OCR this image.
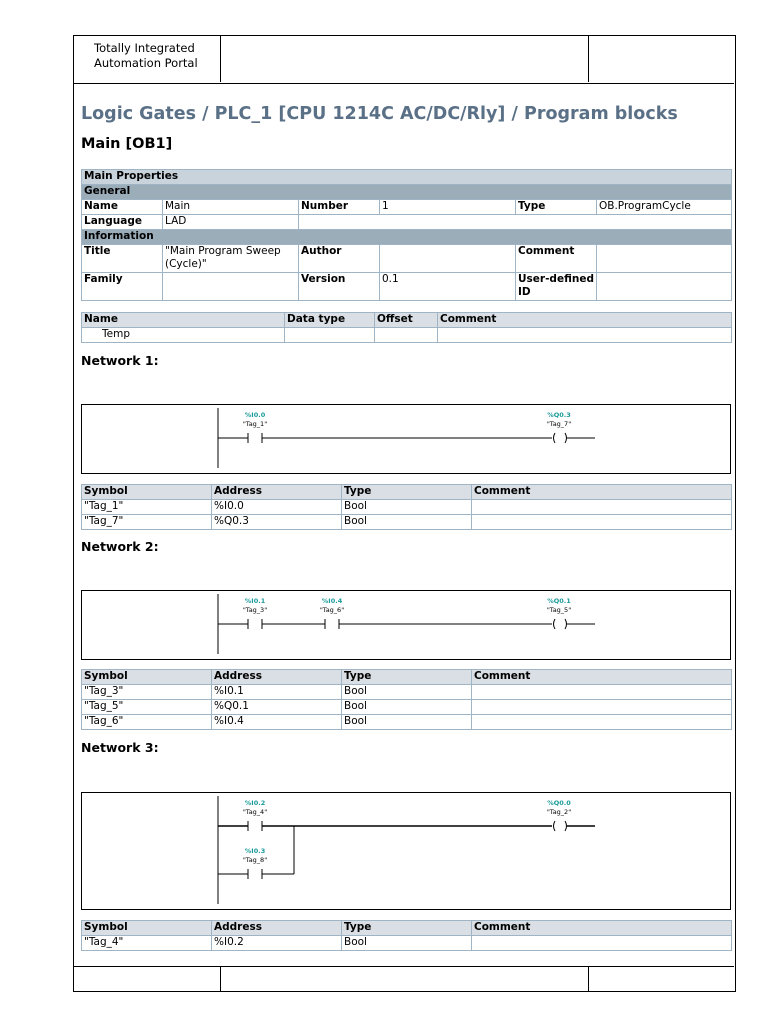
Totally Integrated
Automation Portal
Logic Gates / PLC_1 [CPU 1214C AC/DC/Rly] / Program blocks
Main [OB1]
Main Properties					
General					
Name	Main	Number	1	Type	OB.ProgramCycle
Language	LAD				
Information					
Title	"Main Program Sweep (Cycle)"	Author		Comment	
Family		Version	0.1	User-defined ID	
Name	Data type	Offset	Comment
Temp			
Network 1:
%I0.0
"Tag_1"
%Q0.3
"Tag_7"
Symbol	Address	Type	Comment
"Tag_1"	%I0.0	Bool	
"Tag_7"	%Q0.3	Bool	
Network 2:
%I0.1
"Tag_3"
%I0.4
"Tag_6"
%Q0.1
"Tag_5"
Symbol	Address	Type	Comment
"Tag_3"	%I0.1	Bool	
"Tag_5"	%Q0.1	Bool	
"Tag_6"	%I0.4	Bool	
Network 3:
%I0.2
"Tag_4"
%Q0.0
"Tag_2"
%I0.3
"Tag_8"
Symbol	Address	Type	Comment
"Tag_4"	%I0.2	Bool	
